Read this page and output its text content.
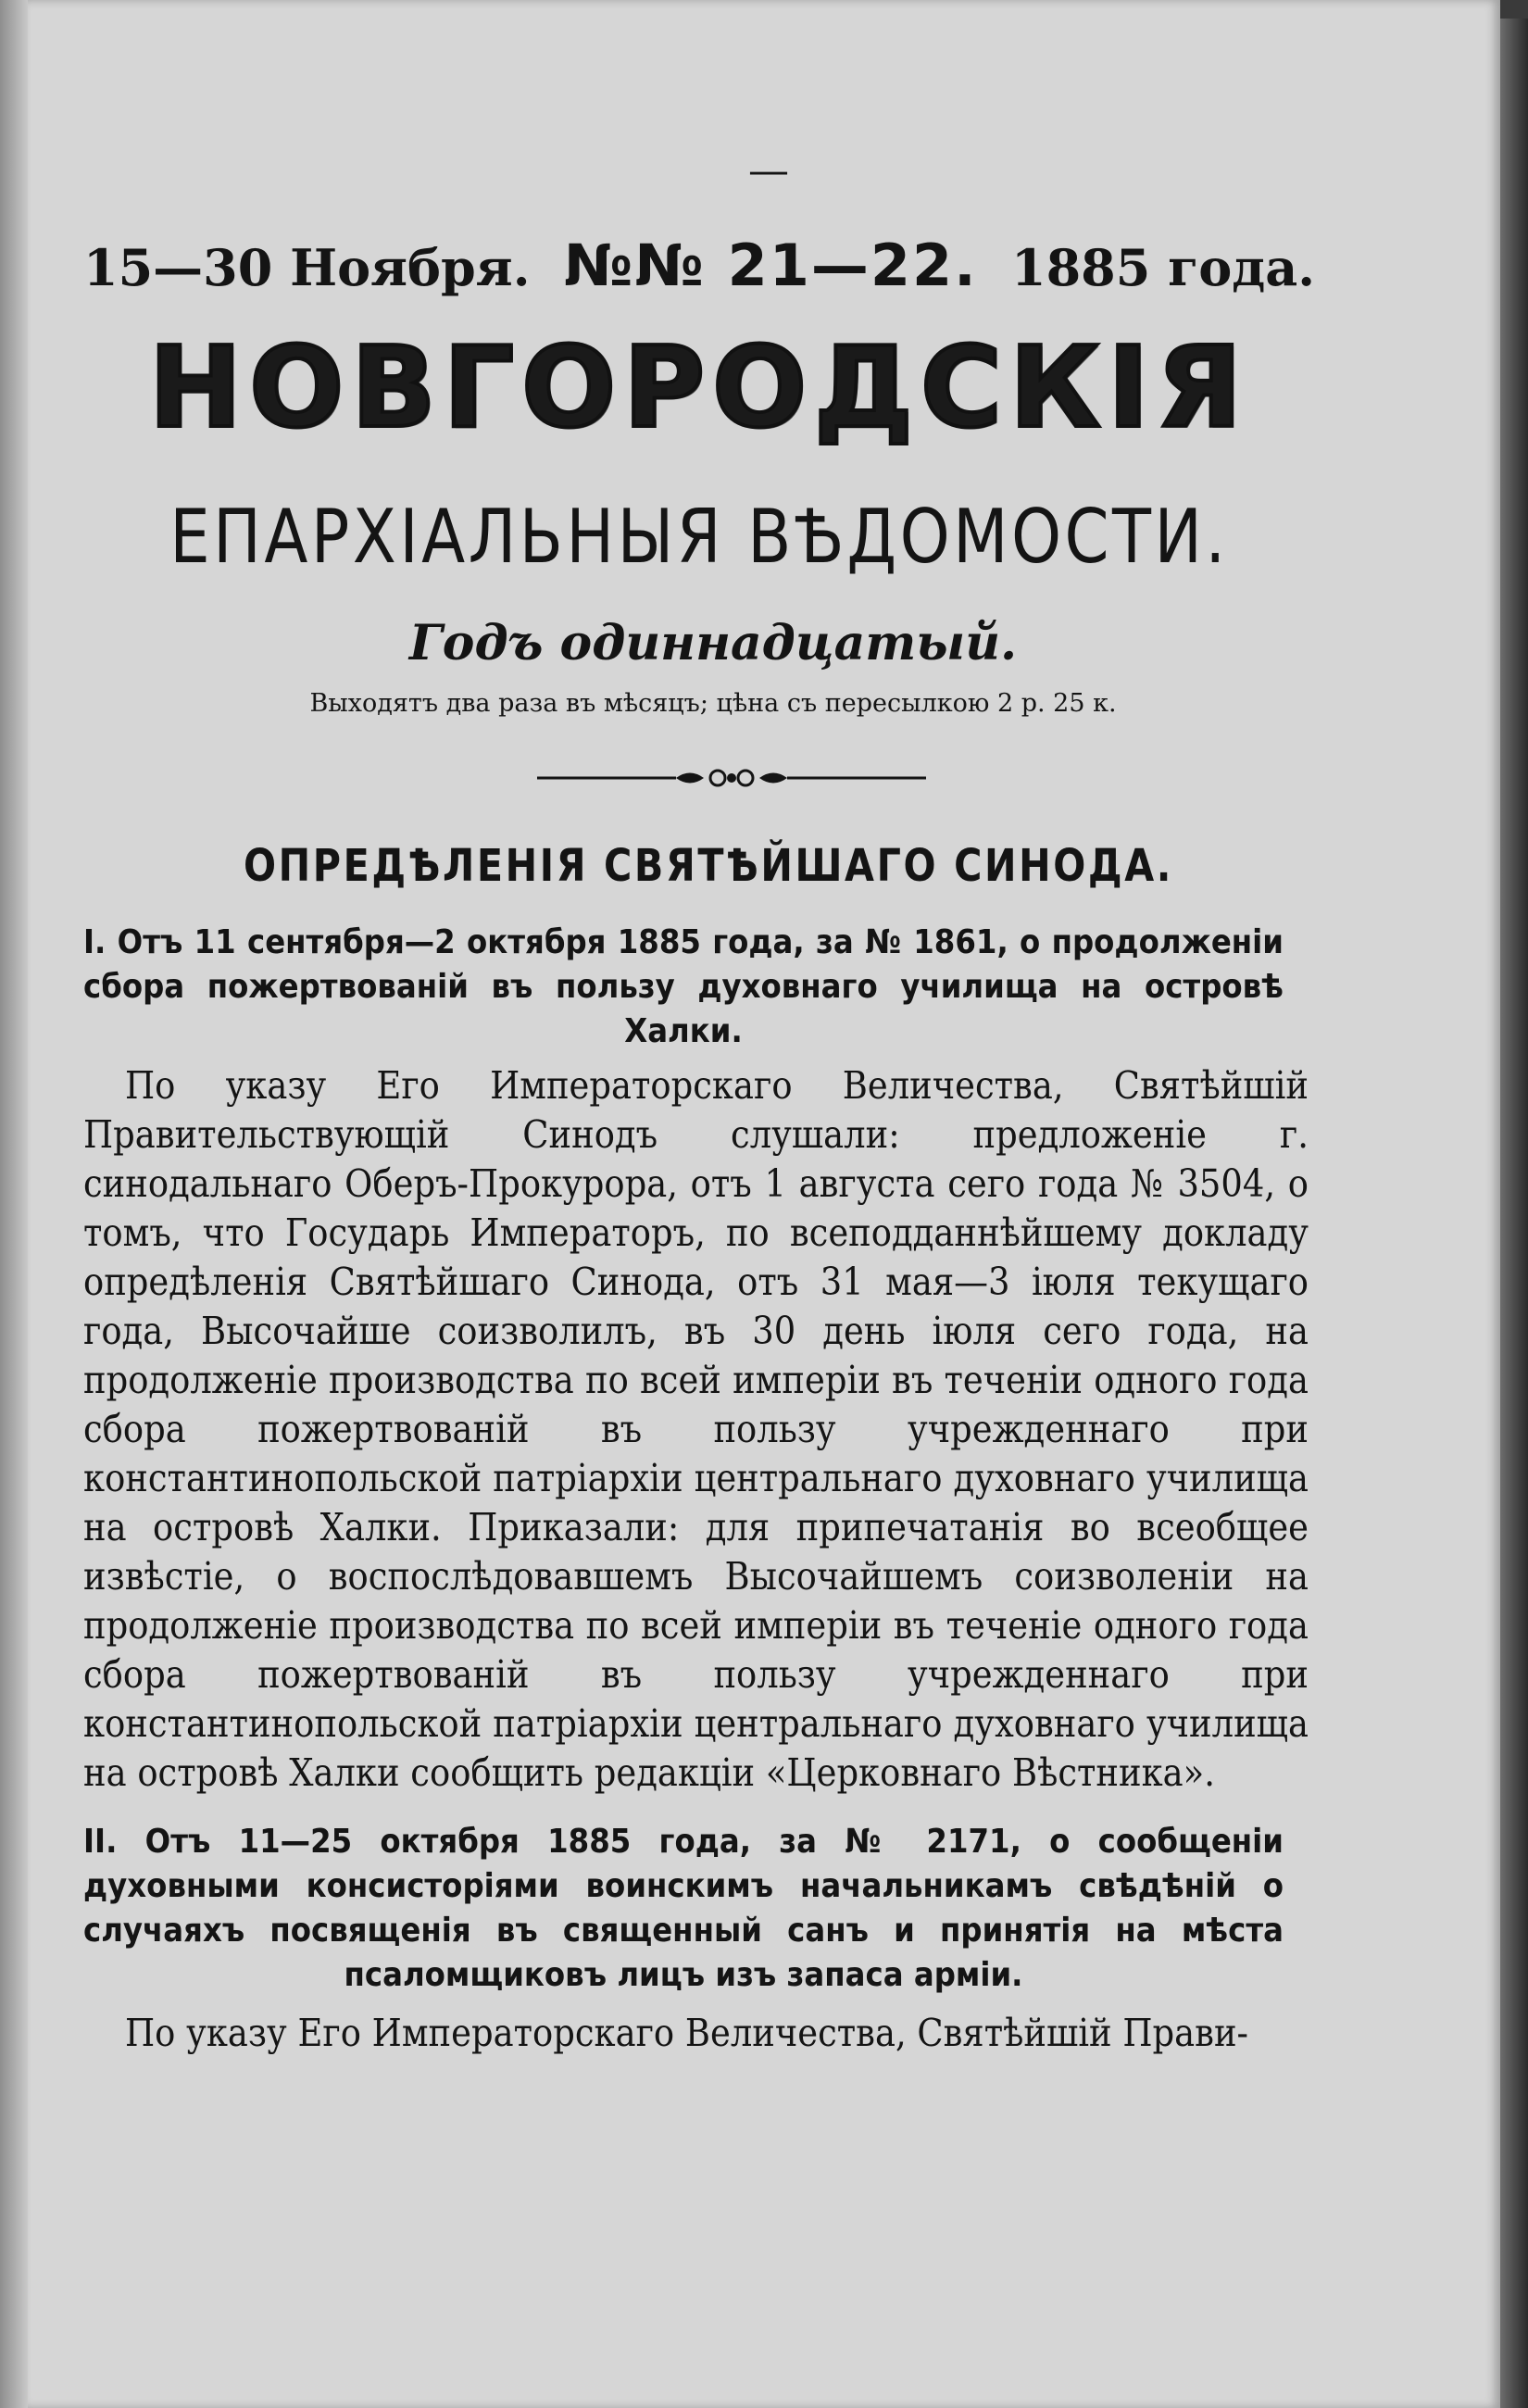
—
15—30 Ноября. №№ 21—22. 1885 года.
НОВГОРОДСКІЯ
ЕПАРХІАЛЬНЫЯ ВѢДОМОСТИ.
Годъ одиннадцатый.
Выходятъ два раза въ мѣсяцъ; цѣна съ пересылкою 2 р. 25 к.
ОПРЕДѢЛЕНІЯ СВЯТѢЙШАГО СИНОДА.
I. Отъ 11 сентября—2 октября 1885 года, за № 1861, о продолженіи сбора пожертвованій въ пользу духовнаго училища на островѣ Халки.
По указу Его Императорскаго Величества, Святѣйшій Правительствующій Синодъ слушали: предложеніе г. синодальнаго Оберъ-Прокурора, отъ 1 августа сего года № 3504, о томъ, что Государь Императоръ, по всеподданнѣйшему докладу опредѣленія Святѣйшаго Синода, отъ 31 мая—3 іюля текущаго года, Высочайше соизволилъ, въ 30 день іюля сего года, на продолженіе производства по всей имперіи въ теченіи одного года сбора пожертвованій въ пользу учрежденнаго при константинопольской патріархіи центральнаго духовнаго училища на островѣ Халки. Приказали: для припечатанія во всеобщее извѣстіе, о воспослѣдовавшемъ Высочайшемъ соизволеніи на продолженіе производства по всей имперіи въ теченіе одного года сбора пожертвованій въ пользу учрежденнаго при константинопольской патріархіи центральнаго духовнаго училища на островѣ Халки сообщить редакціи «Церковнаго Вѣстника».
II. Отъ 11—25 октября 1885 года, за № 2171, о сообщеніи духовными консисторіями воинскимъ начальникамъ свѣдѣній о случаяхъ посвященія въ священный санъ и принятія на мѣста псаломщиковъ лицъ изъ запаса арміи.
По указу Его Императорскаго Величества, Святѣйшій Прави-
